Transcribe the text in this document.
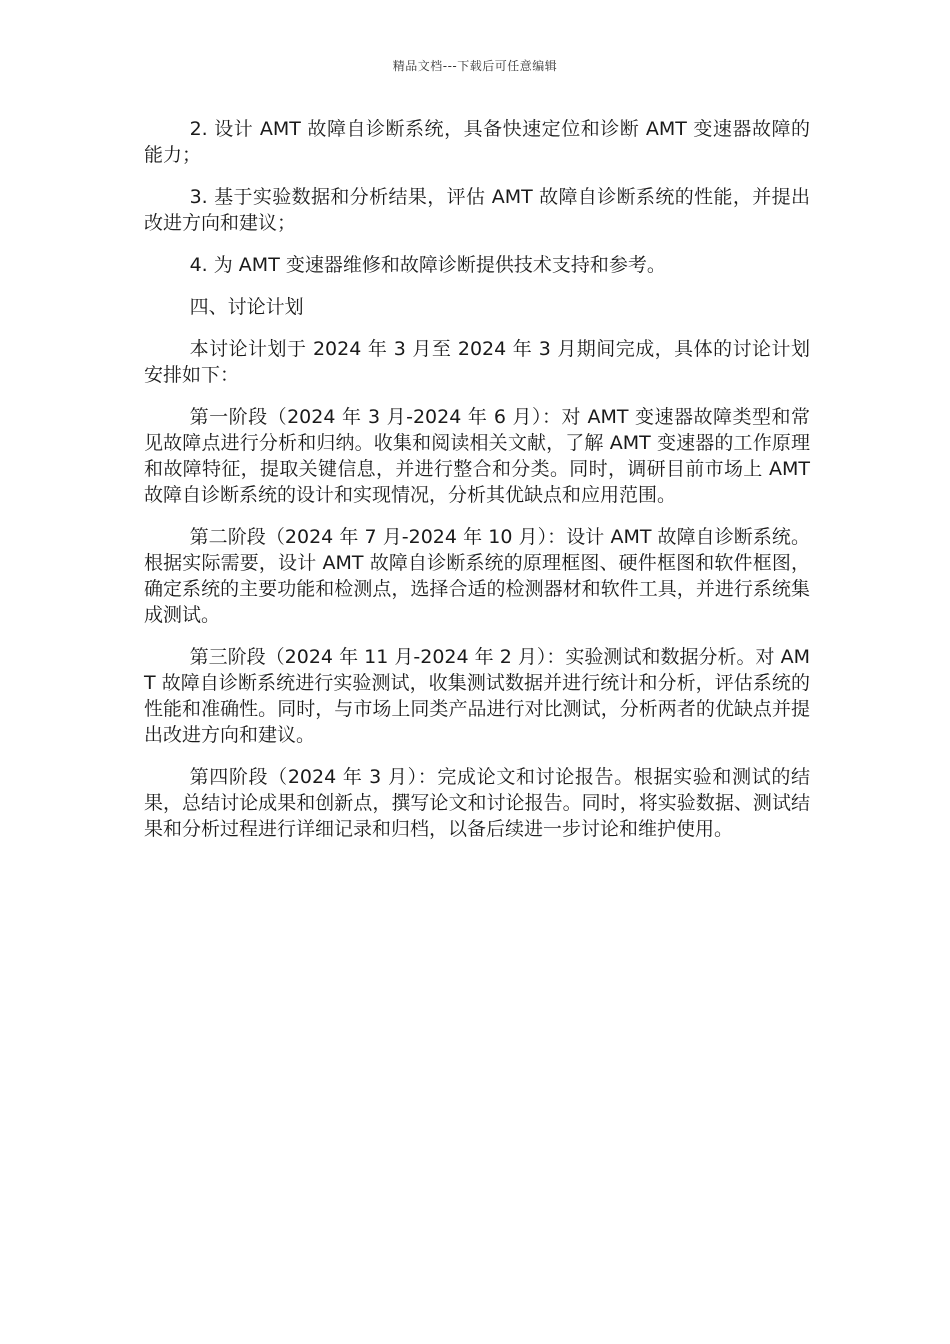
精品文档---下载后可任意编辑

2. 设计 AMT 故障自诊断系统，具备快速定位和诊断 AMT 变速器故障的能力；

3. 基于实验数据和分析结果，评估 AMT 故障自诊断系统的性能，并提出改进方向和建议；

4. 为 AMT 变速器维修和故障诊断提供技术支持和参考。

四、讨论计划

本讨论计划于 2024 年 3 月至 2024 年 3 月期间完成，具体的讨论计划安排如下：

第一阶段（2024 年 3 月-2024 年 6 月）：对 AMT 变速器故障类型和常见故障点进行分析和归纳。收集和阅读相关文献，了解 AMT 变速器的工作原理和故障特征，提取关键信息，并进行整合和分类。同时，调研目前市场上 AMT 故障自诊断系统的设计和实现情况，分析其优缺点和应用范围。

第二阶段（2024 年 7 月-2024 年 10 月）：设计 AMT 故障自诊断系统。根据实际需要，设计 AMT 故障自诊断系统的原理框图、硬件框图和软件框图，确定系统的主要功能和检测点，选择合适的检测器材和软件工具，并进行系统集成测试。

第三阶段（2024 年 11 月-2024 年 2 月）：实验测试和数据分析。对 AMT 故障自诊断系统进行实验测试，收集测试数据并进行统计和分析，评估系统的性能和准确性。同时，与市场上同类产品进行对比测试，分析两者的优缺点并提出改进方向和建议。

第四阶段（2024 年 3 月）：完成论文和讨论报告。根据实验和测试的结果，总结讨论成果和创新点，撰写论文和讨论报告。同时，将实验数据、测试结果和分析过程进行详细记录和归档，以备后续进一步讨论和维护使用。
